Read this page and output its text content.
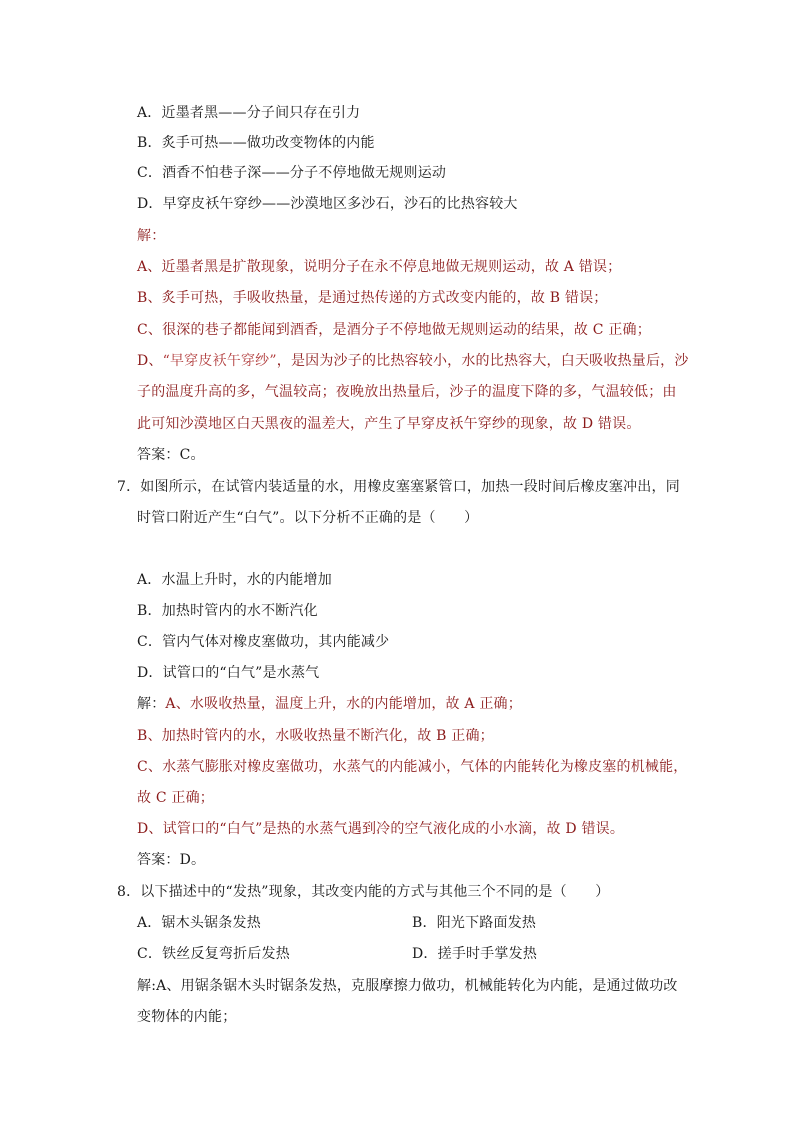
A．近墨者黑——分子间只存在引力
B．炙手可热——做功改变物体的内能
C．酒香不怕巷子深——分子不停地做无规则运动
D．早穿皮袄午穿纱——沙漠地区多沙石，沙石的比热容较大
解：
A、近墨者黑是扩散现象，说明分子在永不停息地做无规则运动，故 A 错误；
B、炙手可热，手吸收热量，是通过热传递的方式改变内能的，故 B 错误；
C、很深的巷子都能闻到酒香，是酒分子不停地做无规则运动的结果，故 C 正确；
D、“早穿皮袄午穿纱”，是因为沙子的比热容较小，水的比热容大，白天吸收热量后，沙
子的温度升高的多，气温较高；夜晚放出热量后，沙子的温度下降的多，气温较低；由
此可知沙漠地区白天黑夜的温差大，产生了早穿皮袄午穿纱的现象，故 D 错误。
答案：C。
7．如图所示，在试管内装适量的水，用橡皮塞塞紧管口，加热一段时间后橡皮塞冲出，同
时管口附近产生“白气”。以下分析不正确的是（　　）
A．水温上升时，水的内能增加
B．加热时管内的水不断汽化
C．管内气体对橡皮塞做功，其内能减少
D．试管口的“白气”是水蒸气
解：A、水吸收热量，温度上升，水的内能增加，故 A 正确；
B、加热时管内的水，水吸收热量不断汽化，故 B 正确；
C、水蒸气膨胀对橡皮塞做功，水蒸气的内能减小，气体的内能转化为橡皮塞的机械能，
故 C 正确；
D、试管口的“白气”是热的水蒸气遇到冷的空气液化成的小水滴，故 D 错误。
答案：D。
8．以下描述中的“发热”现象，其改变内能的方式与其他三个不同的是（　　）
A．锯木头锯条发热	B．阳光下路面发热
C．铁丝反复弯折后发热	D．搓手时手掌发热
解:A、用锯条锯木头时锯条发热，克服摩擦力做功，机械能转化为内能，是通过做功改
变物体的内能；
